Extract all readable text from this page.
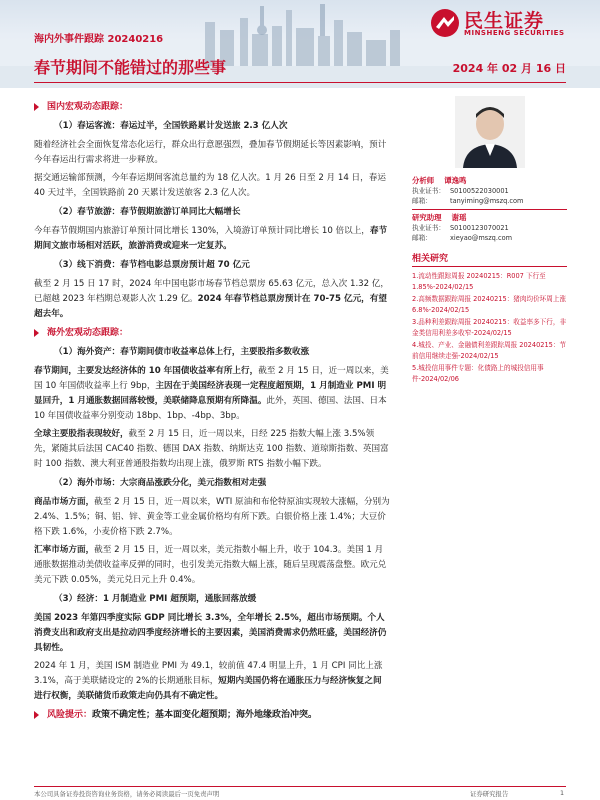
海内外事件跟踪 20240216
春节期间不能错过的那些事	2024 年 02 月 16 日
民生证券
MINSHENG SECURITIES
国内宏观动态跟踪：
（1）春运客流：春运过半，全国铁路累计发送旅 2.3 亿人次

随着经济社会全面恢复常态化运行，群众出行意愿强烈，叠加春节假期延长等因素影响，预计今年春运出行需求将进一步释放。

据交通运输部预测，今年春运期间客流总量约为 18 亿人次。1 月 26 日至 2 月 14 日，春运 40 天过半，全国铁路前 20 天累计发送旅客 2.3 亿人次。

（2）春节旅游：春节假期旅游订单同比大幅增长

今年春节假期国内旅游订单预计同比增长 130%，入境游订单预计同比增长 10 倍以上，春节期间文旅市场相对活跃，旅游消费或迎来一定复苏。

（3）线下消费：春节档电影总票房预计超 70 亿元

截至 2 月 15 日 17 时，2024 年中国电影市场春节档总票房 65.63 亿元，总入次 1.32 亿，已超越 2023 年档期总观影人次 1.29 亿。2024 年春节档总票房预计在 70-75 亿元，有望超去年。

海外宏观动态跟踪：
（1）海外资产：春节期间债市收益率总体上行，主要股指多数收涨

春节期间，主要发达经济体的 10 年国债收益率有所上行，截至 2 月 15 日，近一周以来，美国 10 年国债收益率上行 9bp，主因在于美国经济表现一定程度超预期，1 月制造业 PMI 明显回升，1 月通胀数据回落较慢，美联储降息预期有所降温。此外，英国、德国、法国、日本 10 年国债收益率分别变动 18bp、1bp、-4bp、3bp。

全球主要股指表现较好，截至 2 月 15 日，近一周以来，日经 225 指数大幅上涨 3.5%领先，紧随其后法国 CAC40 指数、德国 DAX 指数、纳斯达克 100 指数、道琼斯指数、英国富时 100 指数、澳大利亚普通股指数均出现上涨，俄罗斯 RTS 指数小幅下跌。

（2）海外市场：大宗商品涨跌分化，美元指数相对走强

商品市场方面，截至 2 月 15 日，近一周以来，WTI 原油和布伦特原油实现较大涨幅，分别为 2.4%、1.5%；铜、铝、锌、黄金等工业金属价格均有所下跌。白银价格上涨 1.4%；大豆价格下跌 1.6%，小麦价格下跌 2.7%。

汇率市场方面，截至 2 月 15 日，近一周以来，美元指数小幅上升，收于 104.3。美国 1 月通胀数据推动美债收益率反弹的同时，也引发美元指数大幅上涨，随后呈现震荡盘整。欧元兑美元下跌 0.05%，美元兑日元上升 0.4%。

（3）经济：1 月制造业 PMI 超预期，通胀回落放缓

美国 2023 年第四季度实际 GDP 同比增长 3.3%，全年增长 2.5%，超出市场预期。个人消费支出和政府支出是拉动四季度经济增长的主要因素，美国消费需求仍然旺盛，美国经济仍具韧性。

2024 年 1 月，美国 ISM 制造业 PMI 为 49.1，较前值 47.4 明显上升，1 月 CPI 同比上涨 3.1%，高于美联储设定的 2%的长期通胀目标，短期内美国仍将在通胀压力与经济恢复之间进行权衡，美联储货币政策走向仍具有不确定性。

风险提示：政策不确定性；基本面变化超预期；海外地缘政治冲突。
分析师 谭逸鸣
执业证书： S0100522030001
邮箱：	tanyiming@mszq.com
研究助理 谢瑶
执业证书： S0100123070021
邮箱：	xieyao@mszq.com
相关研究
1.流动性跟踪周报 20240215：R007 下行至1.85%-2024/02/15
2.高频数据跟踪周报 20240215：猪肉均价环周上涨 6.8%-2024/02/15
3.品种利差跟踪周报 20240215：收益率多下行，非金类信用利差多收窄-2024/02/15
4.城投、产业、金融债利差跟踪周报 20240215：节前信用继续走强-2024/02/15
5.城投信用事件专题：化债路上的城投信用事件-2024/02/06
本公司具备证券投资咨询业务资格，请务必阅读最后一页免责声明	证券研究报告	1
